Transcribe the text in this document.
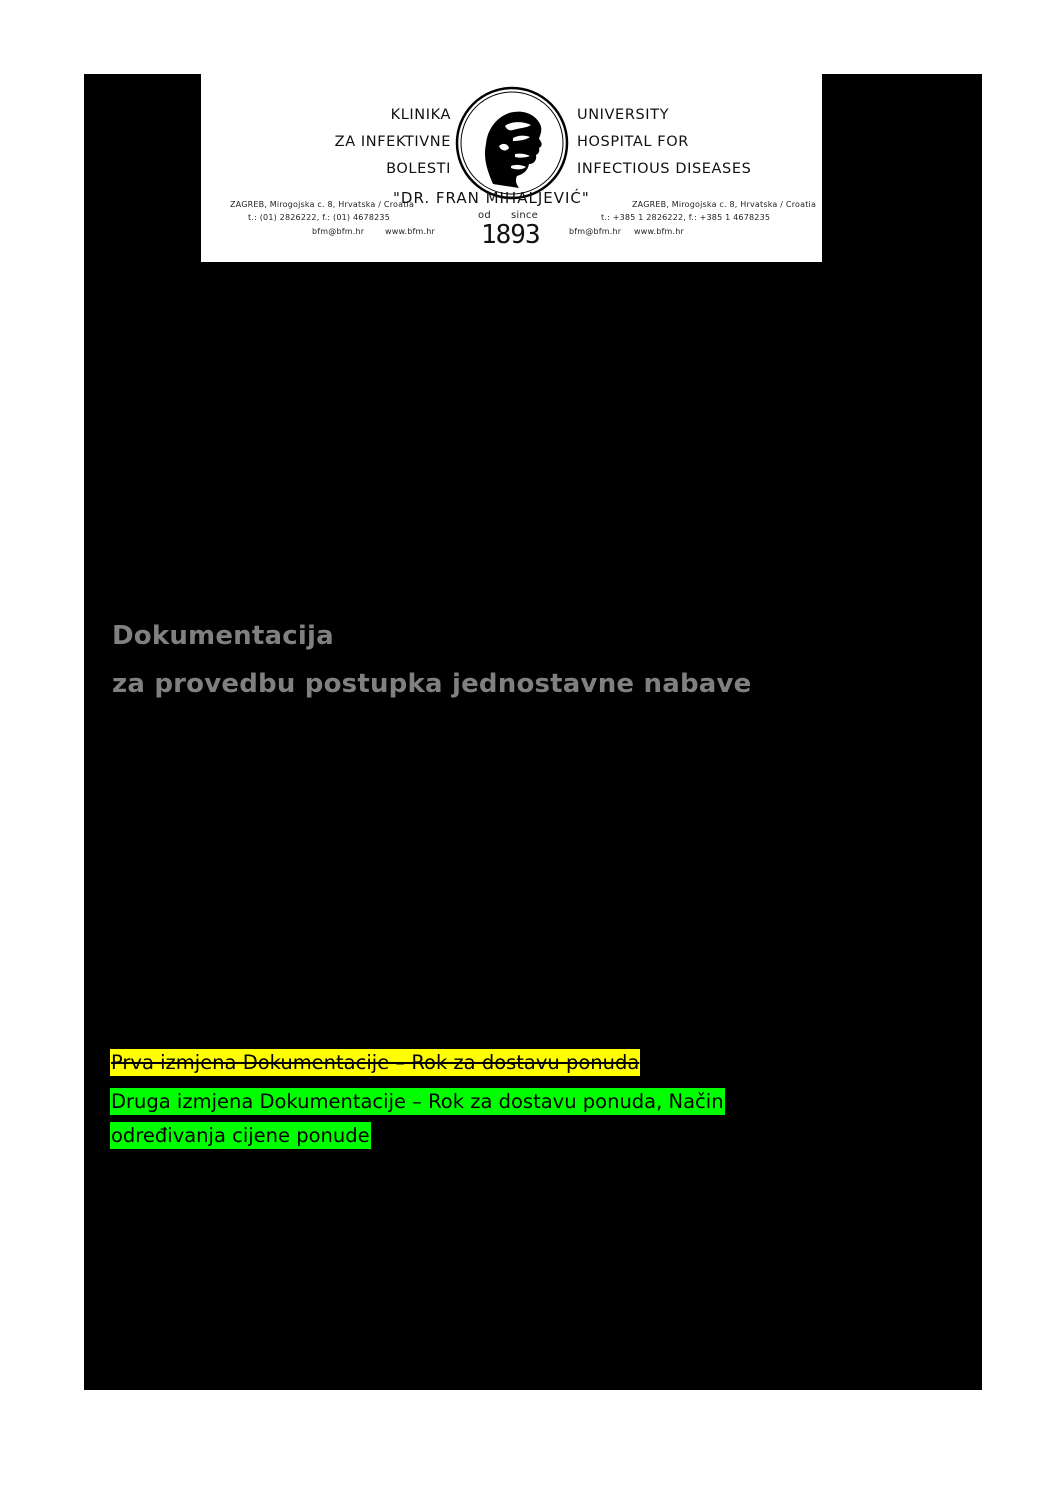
KLINIKA
ZA INFEKTIVNE
BOLESTI
UNIVERSITY
HOSPITAL FOR
INFECTIOUS DISEASES
"DR. FRAN MIHALJEVIĆ"
ZAGREB, Mirogojska c. 8, Hrvatska / Croatia
t.: (01) 2826222, f.: (01) 4678235
bfm@bfm.hr	www.bfm.hr
od since
1893
ZAGREB, Mirogojska c. 8, Hrvatska / Croatia
t.: +385 1 2826222, f.: +385 1 4678235
bfm@bfm.hr www.bfm.hr
Dokumentacija
za provedbu postupka jednostavne nabave
Prva izmjena Dokumentacije – Rok za dostavu ponuda
Druga izmjena Dokumentacije – Rok za dostavu ponuda, Način
određivanja cijene ponude
